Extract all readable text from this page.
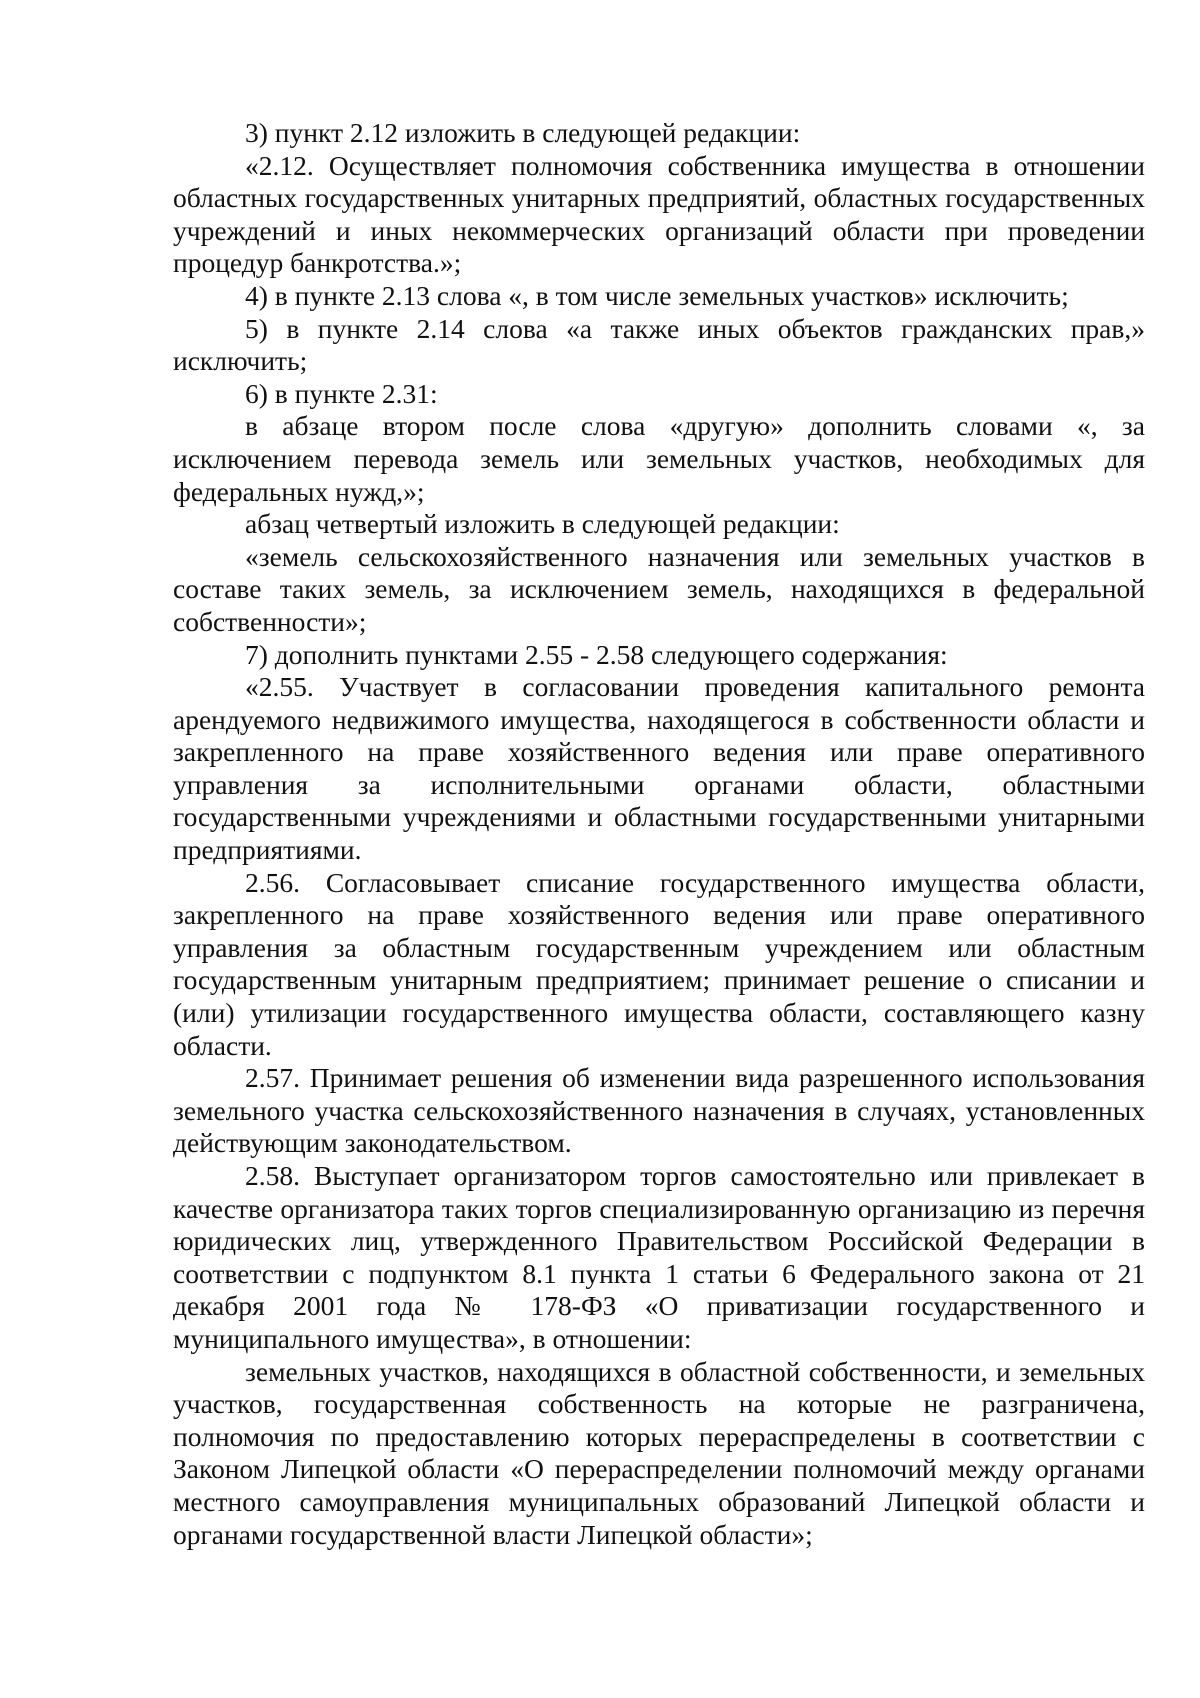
3) пункт 2.12 изложить в следующей редакции:

«2.12. Осуществляет полномочия собственника имущества в отношении областных государственных унитарных предприятий, областных государственных учреждений и иных некоммерческих организаций области при проведении процедур банкротства.»;

4) в пункте 2.13 слова «, в том числе земельных участков» исключить;

5) в пункте 2.14 слова «а также иных объектов гражданских прав,» исключить;

6) в пункте 2.31:

в абзаце втором после слова «другую» дополнить словами «, за исключением перевода земель или земельных участков, необходимых для федеральных нужд,»;

абзац четвертый изложить в следующей редакции:

«земель сельскохозяйственного назначения или земельных участков в составе таких земель, за исключением земель, находящихся в федеральной собственности»;

7) дополнить пунктами 2.55 - 2.58 следующего содержания:

«2.55. Участвует в согласовании проведения капитального ремонта арендуемого недвижимого имущества, находящегося в собственности области и закрепленного на праве хозяйственного ведения или праве оперативного управления за исполнительными органами области, областными государственными учреждениями и областными государственными унитарными предприятиями.

2.56. Согласовывает списание государственного имущества области, закрепленного на праве хозяйственного ведения или праве оперативного управления за областным государственным учреждением или областным государственным унитарным предприятием; принимает решение о списании и (или) утилизации государственного имущества области, составляющего казну области.

2.57. Принимает решения об изменении вида разрешенного использования земельного участка сельскохозяйственного назначения в случаях, установленных действующим законодательством.

2.58. Выступает организатором торгов самостоятельно или привлекает в качестве организатора таких торгов специализированную организацию из перечня юридических лиц, утвержденного Правительством Российской Федерации в соответствии с подпунктом 8.1 пункта 1 статьи 6 Федерального закона от 21 декабря 2001 года № 178-ФЗ «О приватизации государственного и муниципального имущества», в отношении:

земельных участков, находящихся в областной собственности, и земельных участков, государственная собственность на которые не разграничена, полномочия по предоставлению которых перераспределены в соответствии с Законом Липецкой области «О перераспределении полномочий между органами местного самоуправления муниципальных образований Липецкой области и органами государственной власти Липецкой области»;
